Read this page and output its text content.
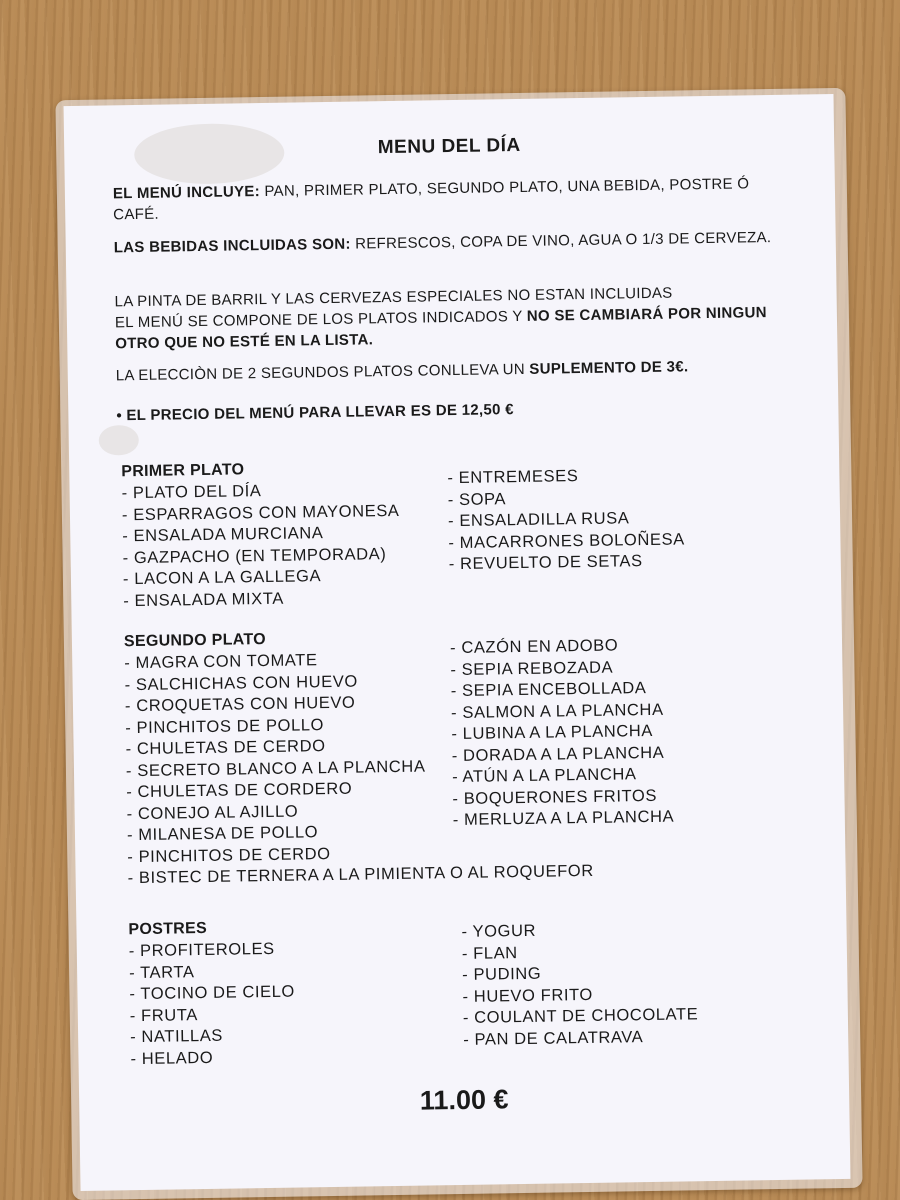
MENU DEL DÍA
EL MENÚ INCLUYE: PAN, PRIMER PLATO, SEGUNDO PLATO, UNA BEBIDA, POSTRE Ó CAFÉ.
LAS BEBIDAS INCLUIDAS SON: REFRESCOS, COPA DE VINO, AGUA O 1/3 DE CERVEZA.
LA PINTA DE BARRIL Y LAS CERVEZAS ESPECIALES NO ESTAN INCLUIDAS
EL MENÚ SE COMPONE DE LOS PLATOS INDICADOS Y NO SE CAMBIARÁ POR NINGUN OTRO QUE NO ESTÉ EN LA LISTA.
LA ELECCIÒN DE 2 SEGUNDOS PLATOS CONLLEVA UN SUPLEMENTO DE 3€.
• EL PRECIO DEL MENÚ PARA LLEVAR ES DE 12,50 €
PRIMER PLATO
- PLATO DEL DÍA
- ESPARRAGOS CON MAYONESA
- ENSALADA MURCIANA
- GAZPACHO (EN TEMPORADA)
- LACON A LA GALLEGA
- ENSALADA MIXTA
- ENTREMESES
- SOPA
- ENSALADILLA RUSA
- MACARRONES BOLOÑESA
- REVUELTO DE SETAS
SEGUNDO PLATO
- MAGRA CON TOMATE
- SALCHICHAS CON HUEVO
- CROQUETAS CON HUEVO
- PINCHITOS DE POLLO
- CHULETAS DE CERDO
- SECRETO BLANCO A LA PLANCHA
- CHULETAS DE CORDERO
- CONEJO AL AJILLO
- MILANESA DE POLLO
- PINCHITOS DE CERDO
- BISTEC DE TERNERA A LA PIMIENTA O AL ROQUEFOR
- CAZÓN EN ADOBO
- SEPIA REBOZADA
- SEPIA ENCEBOLLADA
- SALMON A LA PLANCHA
- LUBINA A LA PLANCHA
- DORADA A LA PLANCHA
- ATÚN A LA PLANCHA
- BOQUERONES FRITOS
- MERLUZA A LA PLANCHA
POSTRES
- PROFITEROLES
- TARTA
- TOCINO DE CIELO
- FRUTA
- NATILLAS
- HELADO
- YOGUR
- FLAN
- PUDING
- HUEVO FRITO
- COULANT DE CHOCOLATE
- PAN DE CALATRAVA
11.00 €
